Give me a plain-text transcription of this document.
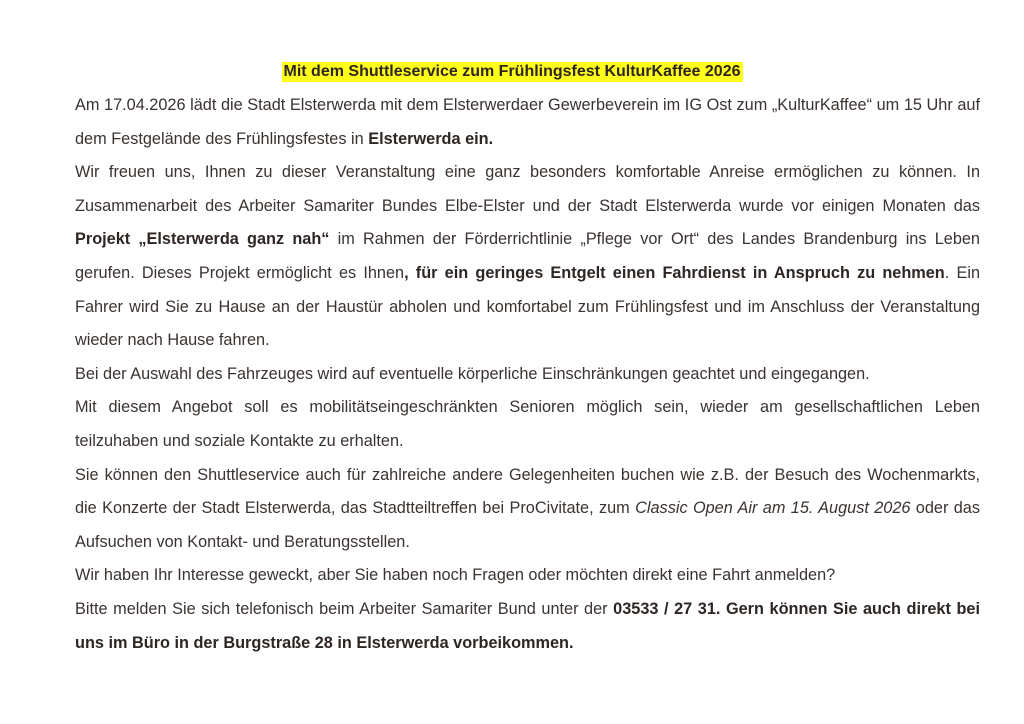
Mit dem Shuttleservice zum Frühlingsfest KulturKaffee 2026

Am 17.04.2026 lädt die Stadt Elsterwerda mit dem Elsterwerdaer Gewerbeverein im IG Ost zum „KulturKaffee“ um 15 Uhr auf dem Festgelände des Frühlingsfestes in Elsterwerda ein.

Wir freuen uns, Ihnen zu dieser Veranstaltung eine ganz besonders komfortable Anreise ermöglichen zu können. In Zusammenarbeit des Arbeiter Samariter Bundes Elbe-Elster und der Stadt Elsterwerda wurde vor einigen Monaten das Projekt „Elsterwerda ganz nah“ im Rahmen der Förderrichtlinie „Pflege vor Ort“ des Landes Brandenburg ins Leben gerufen. Dieses Projekt ermöglicht es Ihnen, für ein geringes Entgelt einen Fahrdienst in Anspruch zu nehmen. Ein Fahrer wird Sie zu Hause an der Haustür abholen und komfortabel zum Frühlingsfest und im Anschluss der Veranstaltung wieder nach Hause fahren.

Bei der Auswahl des Fahrzeuges wird auf eventuelle körperliche Einschränkungen geachtet und eingegangen.

Mit diesem Angebot soll es mobilitätseingeschränkten Senioren möglich sein, wieder am gesellschaftlichen Leben teilzuhaben und soziale Kontakte zu erhalten.

Sie können den Shuttleservice auch für zahlreiche andere Gelegenheiten buchen wie z.B. der Besuch des Wochenmarkts, die Konzerte der Stadt Elsterwerda, das Stadtteiltreffen bei ProCivitate, zum Classic Open Air am 15. August 2026 oder das Aufsuchen von Kontakt- und Beratungsstellen.

Wir haben Ihr Interesse geweckt, aber Sie haben noch Fragen oder möchten direkt eine Fahrt anmelden?

Bitte melden Sie sich telefonisch beim Arbeiter Samariter Bund unter der 03533 / 27 31. Gern können Sie auch direkt bei uns im Büro in der Burgstraße 28 in Elsterwerda vorbeikommen.
